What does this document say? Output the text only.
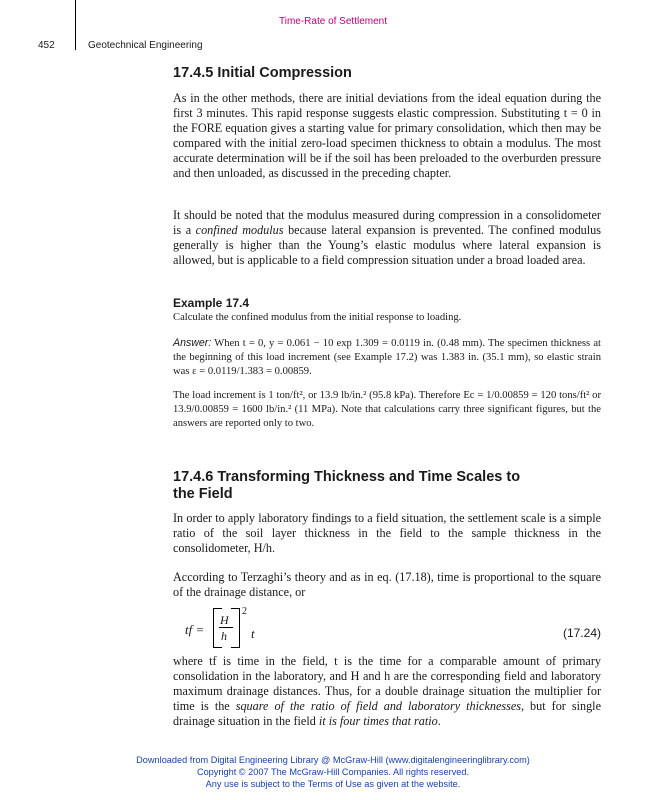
Time-Rate of Settlement
452	Geotechnical Engineering
17.4.5 Initial Compression

As in the other methods, there are initial deviations from the ideal equation during the first 3 minutes. This rapid response suggests elastic compression. Substituting t = 0 in the FORE equation gives a starting value for primary consolidation, which then may be compared with the initial zero-load specimen thickness to obtain a modulus. The most accurate determination will be if the soil has been preloaded to the overburden pressure and then unloaded, as discussed in the preceding chapter.

It should be noted that the modulus measured during compression in a consolidometer is a confined modulus because lateral expansion is prevented. The confined modulus generally is higher than the Young’s elastic modulus where lateral expansion is allowed, but is applicable to a field compression situation under a broad loaded area.

Example 17.4

Calculate the confined modulus from the initial response to loading.

Answer: When t = 0, y = 0.061 − 10 exp 1.309 = 0.0119 in. (0.48 mm). The specimen thickness at the beginning of this load increment (see Example 17.2) was 1.383 in. (35.1 mm), so elastic strain was ε = 0.0119/1.383 = 0.00859.

The load increment is 1 ton/ft², or 13.9 lb/in.² (95.8 kPa). Therefore Ec = 1/0.00859 = 120 tons/ft² or 13.9/0.00859 = 1600 lb/in.² (11 MPa). Note that calculations carry three significant figures, but the answers are reported only to two.

17.4.6 Transforming Thickness and Time Scales to
the Field

In order to apply laboratory findings to a field situation, the settlement scale is a simple ratio of the soil layer thickness in the field to the sample thickness in the consolidometer, H/h.

According to Terzaghi’s theory and as in eq. (17.18), time is proportional to the square of the drainage distance, or

tf =
H
h
2
t	(17.24)

where tf is time in the field, t is the time for a comparable amount of primary consolidation in the laboratory, and H and h are the corresponding field and laboratory maximum drainage distances. Thus, for a double drainage situation the multiplier for time is the square of the ratio of field and laboratory thicknesses, but for single drainage situation in the field it is four times that ratio.

Downloaded from Digital Engineering Library @ McGraw-Hill (www.digitalengineeringlibrary.com)
Copyright © 2007 The McGraw-Hill Companies. All rights reserved.
Any use is subject to the Terms of Use as given at the website.
